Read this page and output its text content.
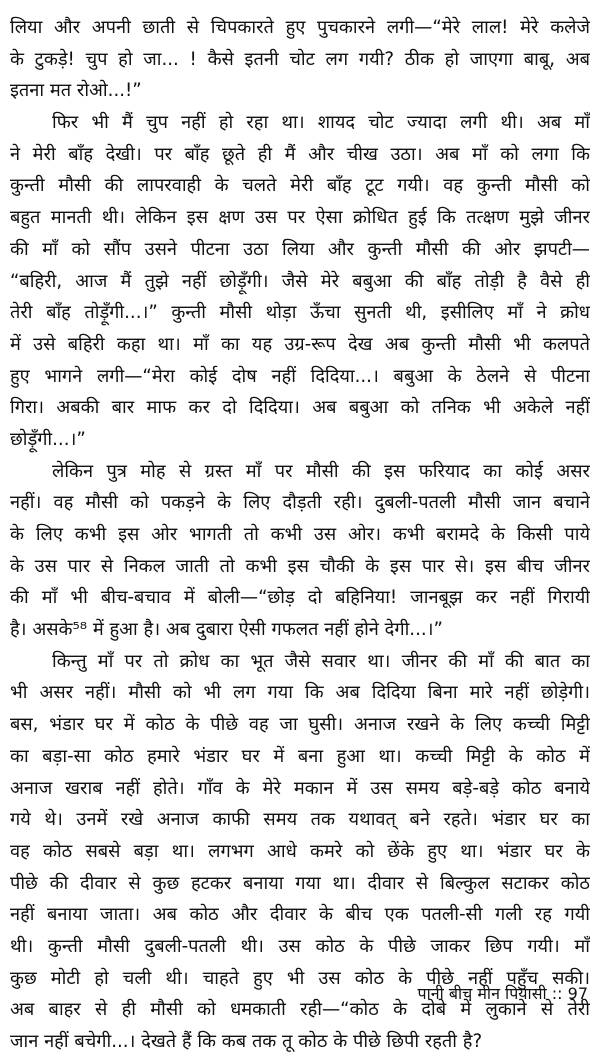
लिया और अपनी छाती से चिपकारते हुए पुचकारने लगी—“मेरे लाल! मेरे कलेजे
के टुकड़े! चुप हो जा... ! कैसे इतनी चोट लग गयी? ठीक हो जाएगा बाबू, अब
इतना मत रोओ...!”
फिर भी मैं चुप नहीं हो रहा था। शायद चोट ज्यादा लगी थी। अब माँ
ने मेरी बाँह देखी। पर बाँह छूते ही मैं और चीख उठा। अब माँ को लगा कि
कुन्ती मौसी की लापरवाही के चलते मेरी बाँह टूट गयी। वह कुन्ती मौसी को
बहुत मानती थी। लेकिन इस क्षण उस पर ऐसा क्रोधित हुई कि तत्क्षण मुझे जीनर
की माँ को सौंप उसने पीटना उठा लिया और कुन्ती मौसी की ओर झपटी—
“बहिरी, आज मैं तुझे नहीं छोड़ूँगी। जैसे मेरे बबुआ की बाँह तोड़ी है वैसे ही
तेरी बाँह तोड़ूँगी...।” कुन्ती मौसी थोड़ा ऊँचा सुनती थी, इसीलिए माँ ने क्रोध
में उसे बहिरी कहा था। माँ का यह उग्र-रूप देख अब कुन्ती मौसी भी कलपते
हुए भागने लगी—“मेरा कोई दोष नहीं दिदिया...। बबुआ के ठेलने से पीटना
गिरा। अबकी बार माफ कर दो दिदिया। अब बबुआ को तनिक भी अकेले नहीं
छोड़ूँगी...।”
लेकिन पुत्र मोह से ग्रस्त माँ पर मौसी की इस फरियाद का कोई असर
नहीं। वह मौसी को पकड़ने के लिए दौड़ती रही। दुबली-पतली मौसी जान बचाने
के लिए कभी इस ओर भागती तो कभी उस ओर। कभी बरामदे के किसी पाये
के उस पार से निकल जाती तो कभी इस चौकी के इस पार से। इस बीच जीनर
की माँ भी बीच-बचाव में बोली—“छोड़ दो बहिनिया! जानबूझ कर नहीं गिरायी
है। असके⁵⁸ में हुआ है। अब दुबारा ऐसी गफलत नहीं होने देगी...।”
किन्तु माँ पर तो क्रोध का भूत जैसे सवार था। जीनर की माँ की बात का
भी असर नहीं। मौसी को भी लग गया कि अब दिदिया बिना मारे नहीं छोड़ेगी।
बस, भंडार घर में कोठ के पीछे वह जा घुसी। अनाज रखने के लिए कच्ची मिट्टी
का बड़ा-सा कोठ हमारे भंडार घर में बना हुआ था। कच्ची मिट्टी के कोठ में
अनाज खराब नहीं होते। गाँव के मेरे मकान में उस समय बड़े-बड़े कोठ बनाये
गये थे। उनमें रखे अनाज काफी समय तक यथावत् बने रहते। भंडार घर का
वह कोठ सबसे बड़ा था। लगभग आधे कमरे को छेंके हुए था। भंडार घर के
पीछे की दीवार से कुछ हटकर बनाया गया था। दीवार से बिल्कुल सटाकर कोठ
नहीं बनाया जाता। अब कोठ और दीवार के बीच एक पतली-सी गली रह गयी
थी। कुन्ती मौसी दुबली-पतली थी। उस कोठ के पीछे जाकर छिप गयी। माँ
कुछ मोटी हो चली थी। चाहते हुए भी उस कोठ के पीछे नहीं पहुँच सकी।
अब बाहर से ही मौसी को धमकाती रही—“कोठ के दोबे में लुकाने से तेरी
जान नहीं बचेगी...। देखते हैं कि कब तक तू कोठ के पीछे छिपी रहती है?
पानी बीच मीन पियासी :: 97
